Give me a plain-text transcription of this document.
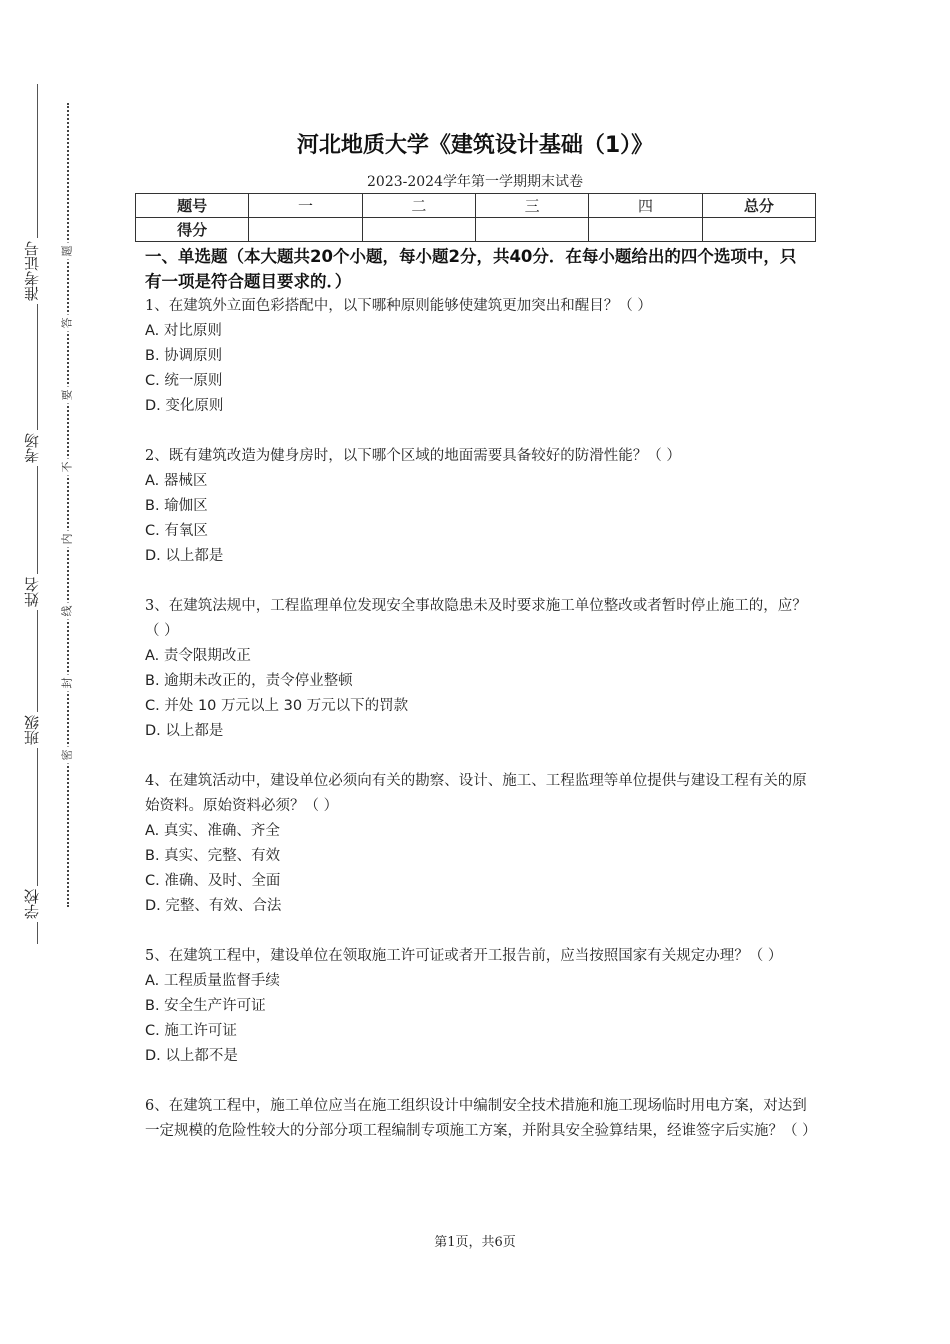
准考证号
考场
姓名
班级
学校
题
答
要
不
内
线
封
密
河北地质大学《建筑设计基础（1）》
2023-2024学年第一学期期末试卷
题号	一	二	三	四	总分
得分					

一、单选题（本大题共20个小题，每小题2分，共40分．在每小题给出的四个选项中，只有一项是符合题目要求的．）

1、在建筑外立面色彩搭配中，以下哪种原则能够使建筑更加突出和醒目？（ ）

A. 对比原则

B. 协调原则

C. 统一原则

D. 变化原则

2、既有建筑改造为健身房时，以下哪个区域的地面需要具备较好的防滑性能？（ ）

A. 器械区

B. 瑜伽区

C. 有氧区

D. 以上都是

3、在建筑法规中，工程监理单位发现安全事故隐患未及时要求施工单位整改或者暂时停止施工的，应？（ ）

A. 责令限期改正

B. 逾期未改正的，责令停业整顿

C. 并处 10 万元以上 30 万元以下的罚款

D. 以上都是

4、在建筑活动中，建设单位必须向有关的勘察、设计、施工、工程监理等单位提供与建设工程有关的原始资料。原始资料必须？（ ）

A. 真实、准确、齐全

B. 真实、完整、有效

C. 准确、及时、全面

D. 完整、有效、合法

5、在建筑工程中，建设单位在领取施工许可证或者开工报告前，应当按照国家有关规定办理？（ ）

A. 工程质量监督手续

B. 安全生产许可证

C. 施工许可证

D. 以上都不是

6、在建筑工程中，施工单位应当在施工组织设计中编制安全技术措施和施工现场临时用电方案，对达到一定规模的危险性较大的分部分项工程编制专项施工方案，并附具安全验算结果，经谁签字后实施？（ ）

第1页，共6页
